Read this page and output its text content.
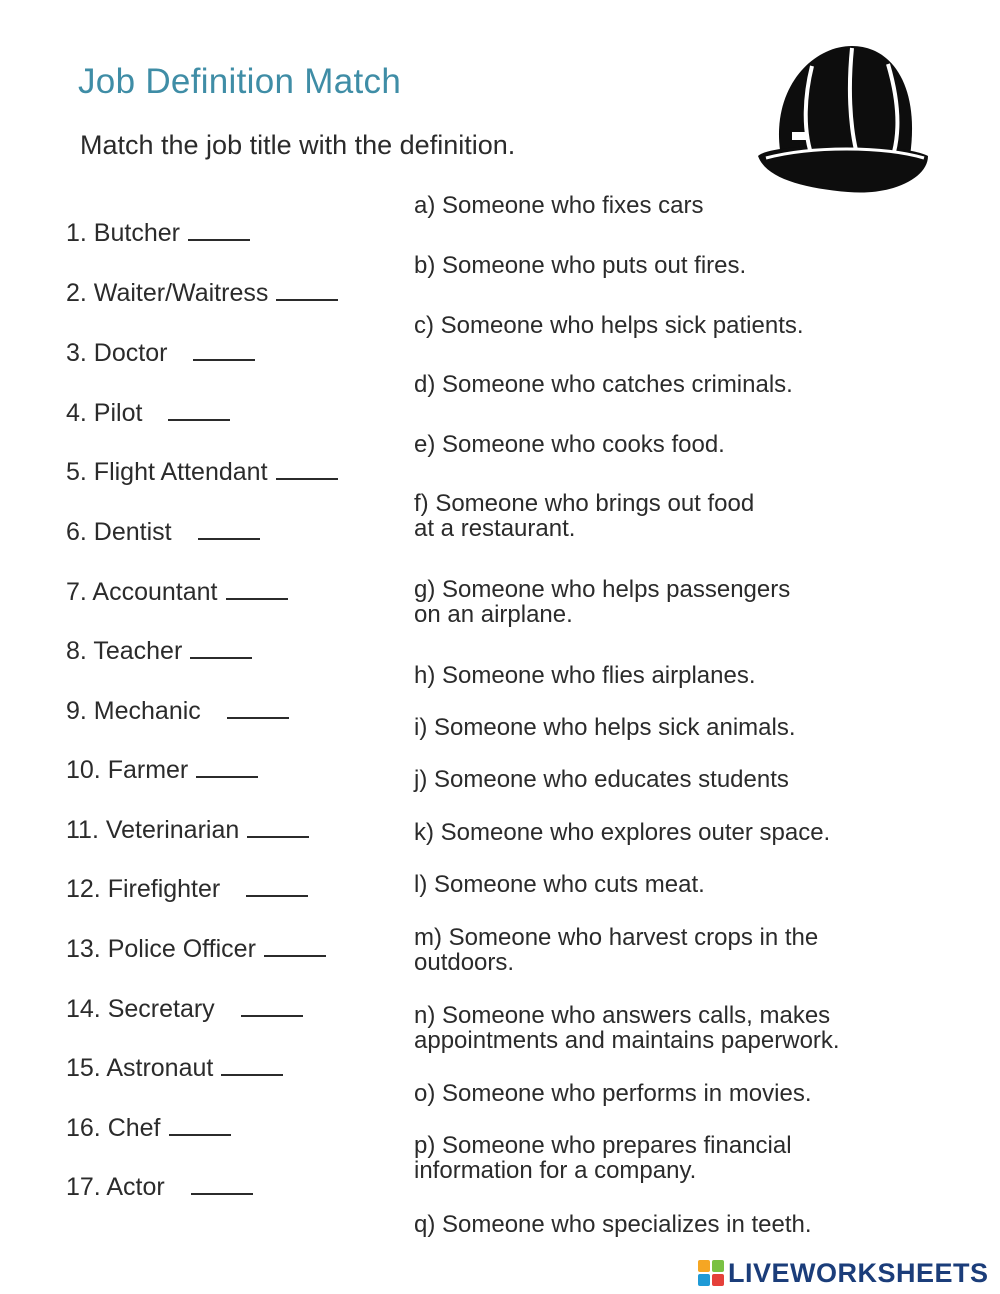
Job Definition Match
Match the job title with the definition.
1. Butcher
2. Waiter/Waitress
3. Doctor
4. Pilot
5. Flight Attendant
6. Dentist
7. Accountant
8. Teacher
9. Mechanic
10. Farmer
11. Veterinarian
12. Firefighter
13. Police Officer
14. Secretary
15. Astronaut
16. Chef
17. Actor
a) Someone who fixes cars
b) Someone who puts out fires.
c) Someone who helps sick patients.
d) Someone who catches criminals.
e) Someone who cooks food.
f) Someone who brings out food
at a restaurant.
g) Someone who helps passengers
on an airplane.
h) Someone who flies airplanes.
i) Someone who helps sick animals.
j) Someone who educates students
k) Someone who explores outer space.
l) Someone who cuts meat.
m) Someone who harvest crops in the
outdoors.
n) Someone who answers calls, makes
appointments and maintains paperwork.
o) Someone who performs in movies.
p) Someone who prepares financial
information for a company.
q) Someone who specializes in teeth.
LIVEWORKSHEETS
